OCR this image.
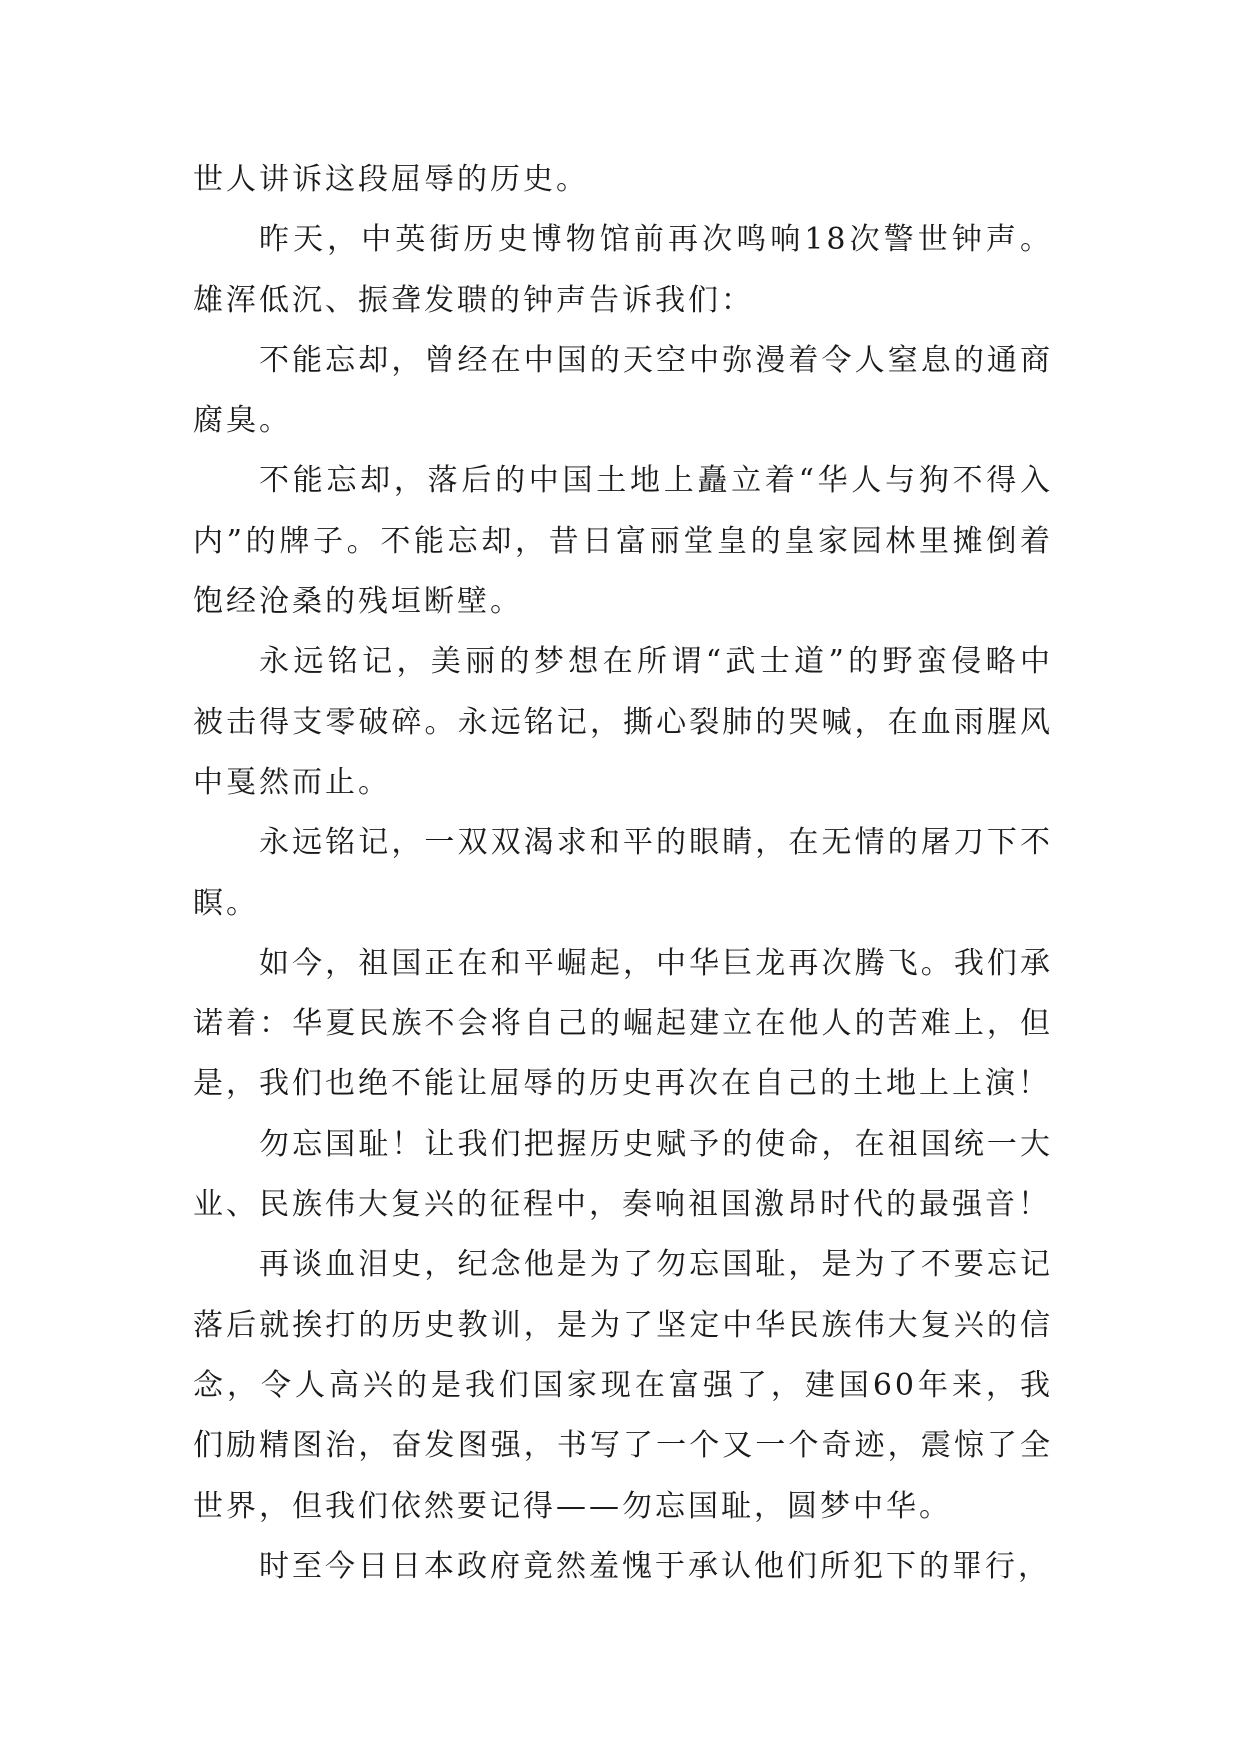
世人讲诉这段屈辱的历史。

昨天，中英街历史博物馆前再次鸣响18次警世钟声。雄浑低沉、振聋发聩的钟声告诉我们：

不能忘却，曾经在中国的天空中弥漫着令人窒息的通商腐臭。

不能忘却，落后的中国土地上矗立着“华人与狗不得入内”的牌子。不能忘却，昔日富丽堂皇的皇家园林里摊倒着饱经沧桑的残垣断壁。

永远铭记，美丽的梦想在所谓“武士道”的野蛮侵略中被击得支零破碎。永远铭记，撕心裂肺的哭喊，在血雨腥风中戛然而止。

永远铭记，一双双渴求和平的眼睛，在无情的屠刀下不瞑。

如今，祖国正在和平崛起，中华巨龙再次腾飞。我们承诺着：华夏民族不会将自己的崛起建立在他人的苦难上，但是，我们也绝不能让屈辱的历史再次在自己的土地上上演！

勿忘国耻！让我们把握历史赋予的使命，在祖国统一大业、民族伟大复兴的征程中，奏响祖国激昂时代的最强音！

再谈血泪史，纪念他是为了勿忘国耻，是为了不要忘记落后就挨打的历史教训，是为了坚定中华民族伟大复兴的信念，令人高兴的是我们国家现在富强了，建国60年来，我们励精图治，奋发图强，书写了一个又一个奇迹，震惊了全世界，但我们依然要记得——勿忘国耻，圆梦中华。

时至今日日本政府竟然羞愧于承认他们所犯下的罪行，
